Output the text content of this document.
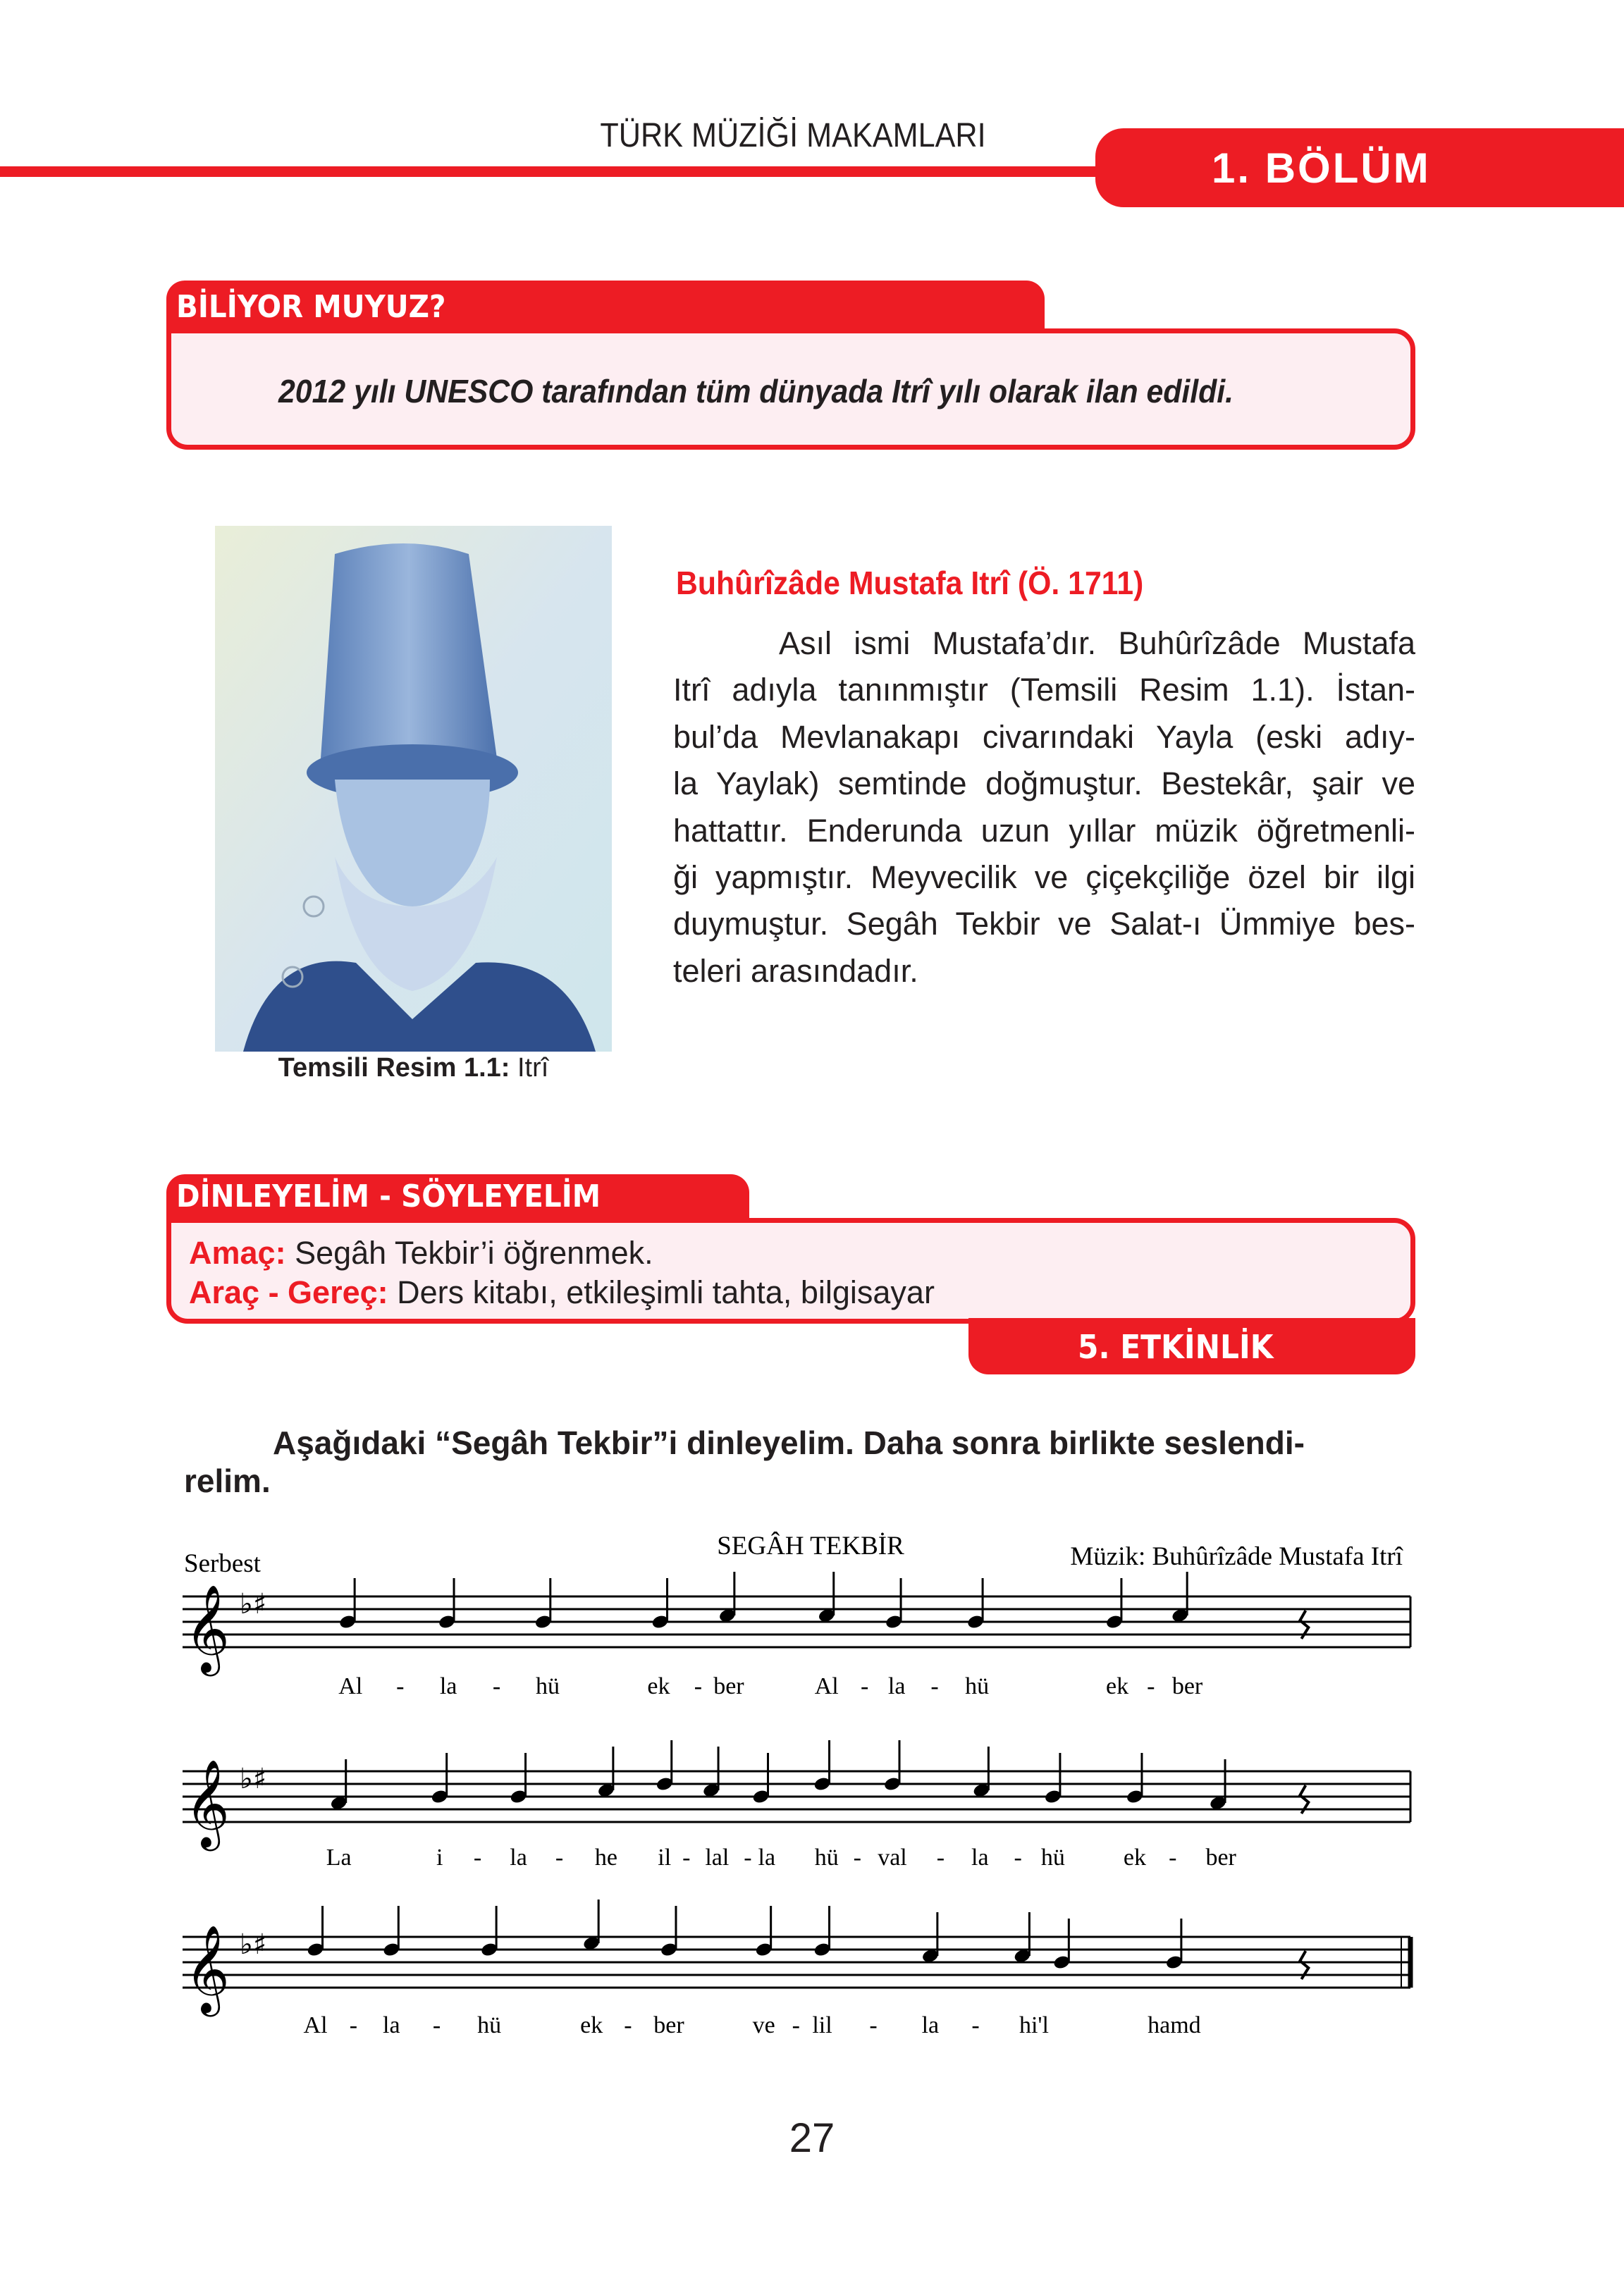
TÜRK MÜZİĞİ MAKAMLARI
1. BÖLÜM
BİLİYOR MUYUZ?
2012 yılı UNESCO tarafından tüm dünyada Itrî yılı olarak ilan edildi.
Temsili Resim 1.1: Itrî
Buhûrîzâde Mustafa Itrî (Ö. 1711)
Asıl ismi Mustafa’dır. Buhûrîzâde Mustafa
Itrî adıyla tanınmıştır (Temsili Resim 1.1). İstan-
bul’da Mevlanakapı civarındaki Yayla (eski adıy-
la Yaylak) semtinde doğmuştur. Bestekâr, şair ve
hattattır. Enderunda uzun yıllar müzik öğretmenli-
ği yapmıştır. Meyvecilik ve çiçekçiliğe özel bir ilgi
duymuştur. Segâh Tekbir ve Salat-ı Ümmiye bes-
teleri arasındadır.
DİNLEYELİM - SÖYLEYELİM
Amaç: Segâh Tekbir’i öğrenmek.
Araç - Gereç: Ders kitabı, etkileşimli tahta, bilgisayar
5. ETKİNLİK
Aşağıdaki “Segâh Tekbir”i dinleyelim. Daha sonra birlikte seslendi-
relim.
Serbest
SEGÂH TEKBİR	Müzik: Buhûrîzâde Mustafa Itrî
𝄞 ♭♯
Al - la - hü	ek - ber	Al - la - hü	ek - ber
𝄞 ♭♯
La	i - la - he il - lal - la hü - val - la - hü ek - ber
𝄞 ♭♯
Al - la - hü	ek - ber	ve - lil - la - hi'l	hamd
27
